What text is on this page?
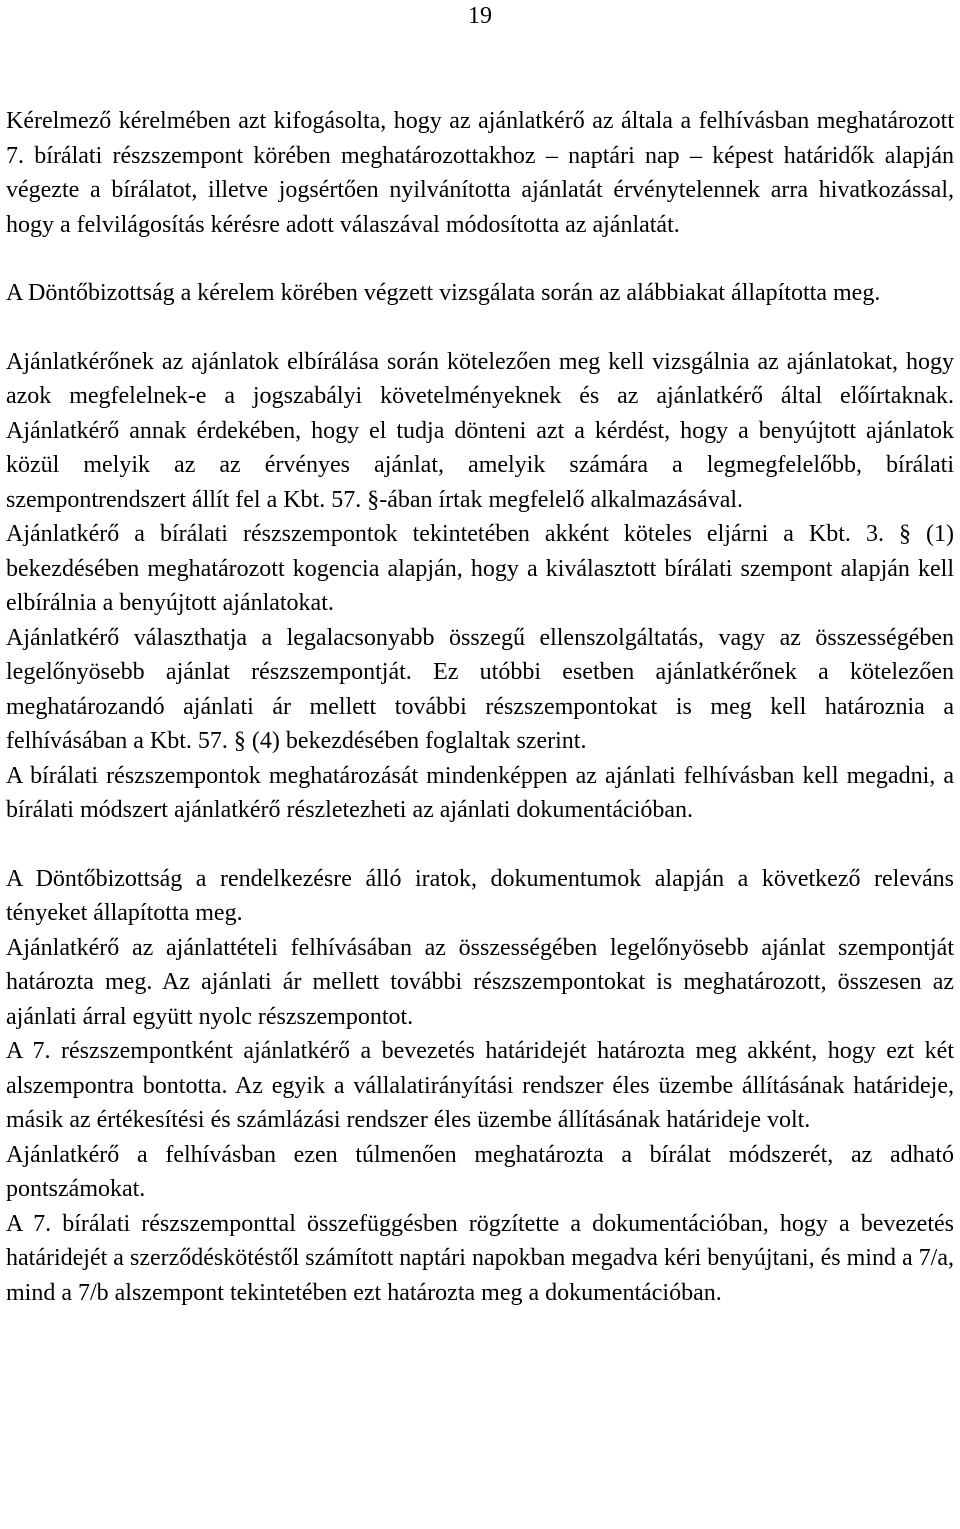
19

Kérelmező kérelmében azt kifogásolta, hogy az ajánlatkérő az általa a felhívásban meghatározott 7. bírálati részszempont körében meghatározottakhoz – naptári nap – képest határidők alapján végezte a bírálatot, illetve jogsértően nyilvánította ajánlatát érvénytelennek arra hivatkozással, hogy a felvilágosítás kérésre adott válaszával módosította az ajánlatát.

A Döntőbizottság a kérelem körében végzett vizsgálata során az alábbiakat állapította meg.

Ajánlatkérőnek az ajánlatok elbírálása során kötelezően meg kell vizsgálnia az ajánlatokat, hogy azok megfelelnek-e a jogszabályi követelményeknek és az ajánlatkérő által előírtaknak. Ajánlatkérő annak érdekében, hogy el tudja dönteni azt a kérdést, hogy a benyújtott ajánlatok közül melyik az az érvényes ajánlat, amelyik számára a legmegfelelőbb, bírálati szempontrendszert állít fel a Kbt. 57. §-ában írtak megfelelő alkalmazásával.

Ajánlatkérő a bírálati részszempontok tekintetében akként köteles eljárni a Kbt. 3. § (1) bekezdésében meghatározott kogencia alapján, hogy a kiválasztott bírálati szempont alapján kell elbírálnia a benyújtott ajánlatokat.

Ajánlatkérő választhatja a legalacsonyabb összegű ellenszolgáltatás, vagy az összességében legelőnyösebb ajánlat részszempontját. Ez utóbbi esetben ajánlatkérőnek a kötelezően meghatározandó ajánlati ár mellett további részszempontokat is meg kell határoznia a felhívásában a Kbt. 57. § (4) bekezdésében foglaltak szerint.

A bírálati részszempontok meghatározását mindenképpen az ajánlati felhívásban kell megadni, a bírálati módszert ajánlatkérő részletezheti az ajánlati dokumentációban.

A Döntőbizottság a rendelkezésre álló iratok, dokumentumok alapján a következő releváns tényeket állapította meg.

Ajánlatkérő az ajánlattételi felhívásában az összességében legelőnyösebb ajánlat szempontját határozta meg. Az ajánlati ár mellett további részszempontokat is meghatározott, összesen az ajánlati árral együtt nyolc részszempontot.

A 7. részszempontként ajánlatkérő a bevezetés határidejét határozta meg akként, hogy ezt két alszempontra bontotta. Az egyik a vállalatirányítási rendszer éles üzembe állításának határideje, másik az értékesítési és számlázási rendszer éles üzembe állításának határideje volt.

Ajánlatkérő a felhívásban ezen túlmenően meghatározta a bírálat módszerét, az adható pontszámokat.

A 7. bírálati részszemponttal összefüggésben rögzítette a dokumentációban, hogy a bevezetés határidejét a szerződéskötéstől számított naptári napokban megadva kéri benyújtani, és mind a 7/a, mind a 7/b alszempont tekintetében ezt határozta meg a dokumentációban.
